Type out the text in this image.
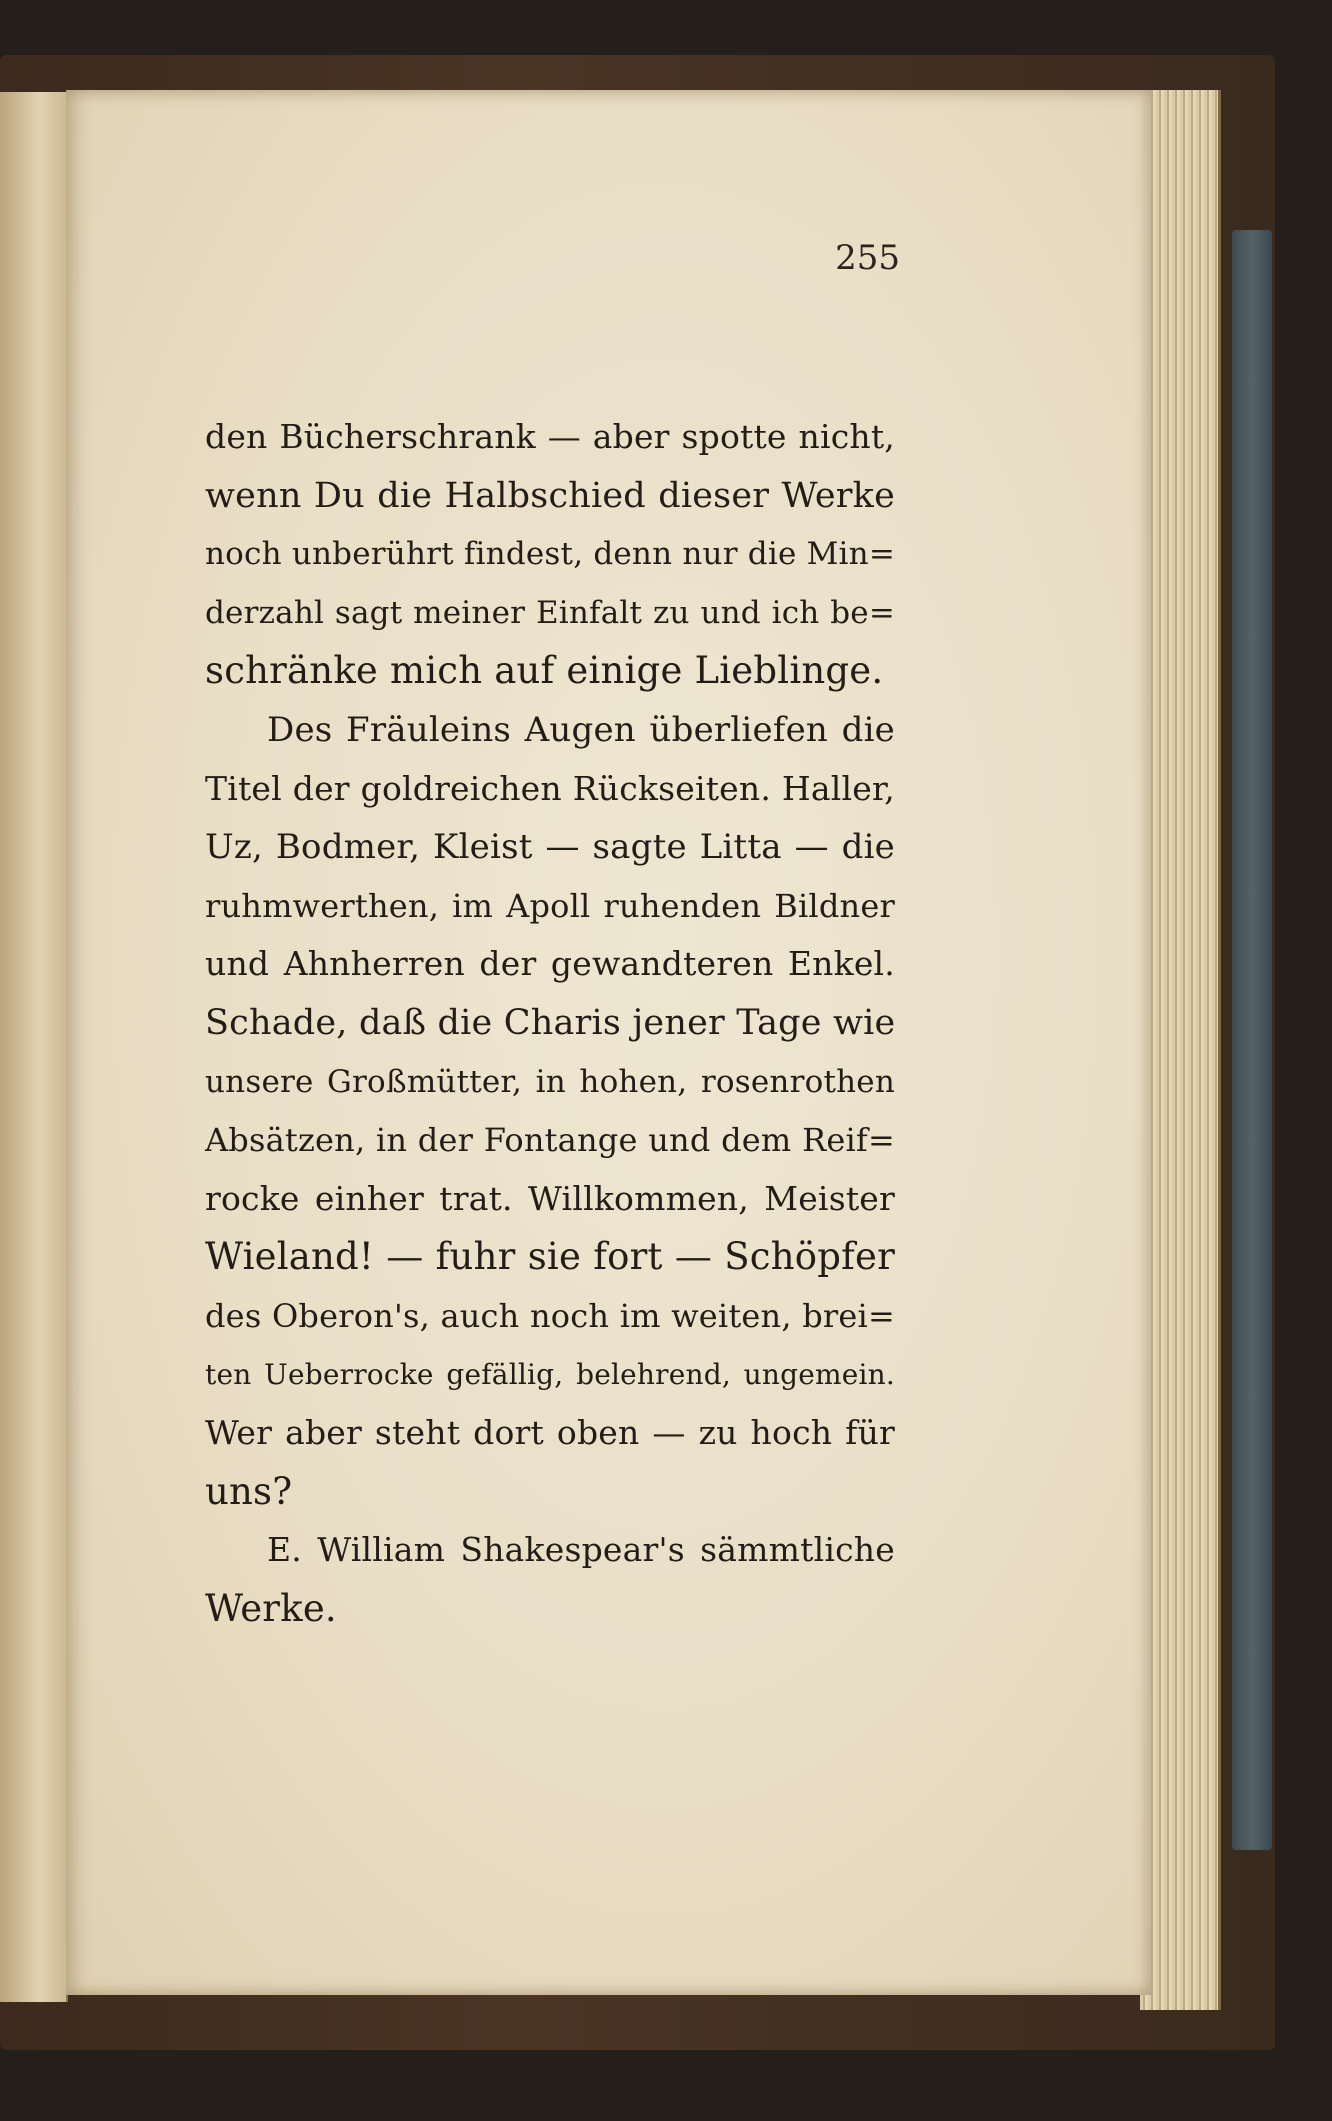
255
den Bücherschrank — aber spotte nicht,
wenn Du die Halbschied dieser Werke
noch unberührt findest, denn nur die Min=
derzahl sagt meiner Einfalt zu und ich be=
schränke mich auf einige Lieblinge.
Des Fräuleins Augen überliefen die
Titel der goldreichen Rückseiten. Haller,
Uz, Bodmer, Kleist — sagte Litta — die
ruhmwerthen, im Apoll ruhenden Bildner
und Ahnherren der gewandteren Enkel.
Schade, daß die Charis jener Tage wie
unsere Großmütter, in hohen, rosenrothen
Absätzen, in der Fontange und dem Reif=
rocke einher trat. Willkommen, Meister
Wieland! — fuhr sie fort — Schöpfer
des Oberon's, auch noch im weiten, brei=
ten Ueberrocke gefällig, belehrend, ungemein.
Wer aber steht dort oben — zu hoch für
uns?
E. William Shakespear's sämmtliche
Werke.
